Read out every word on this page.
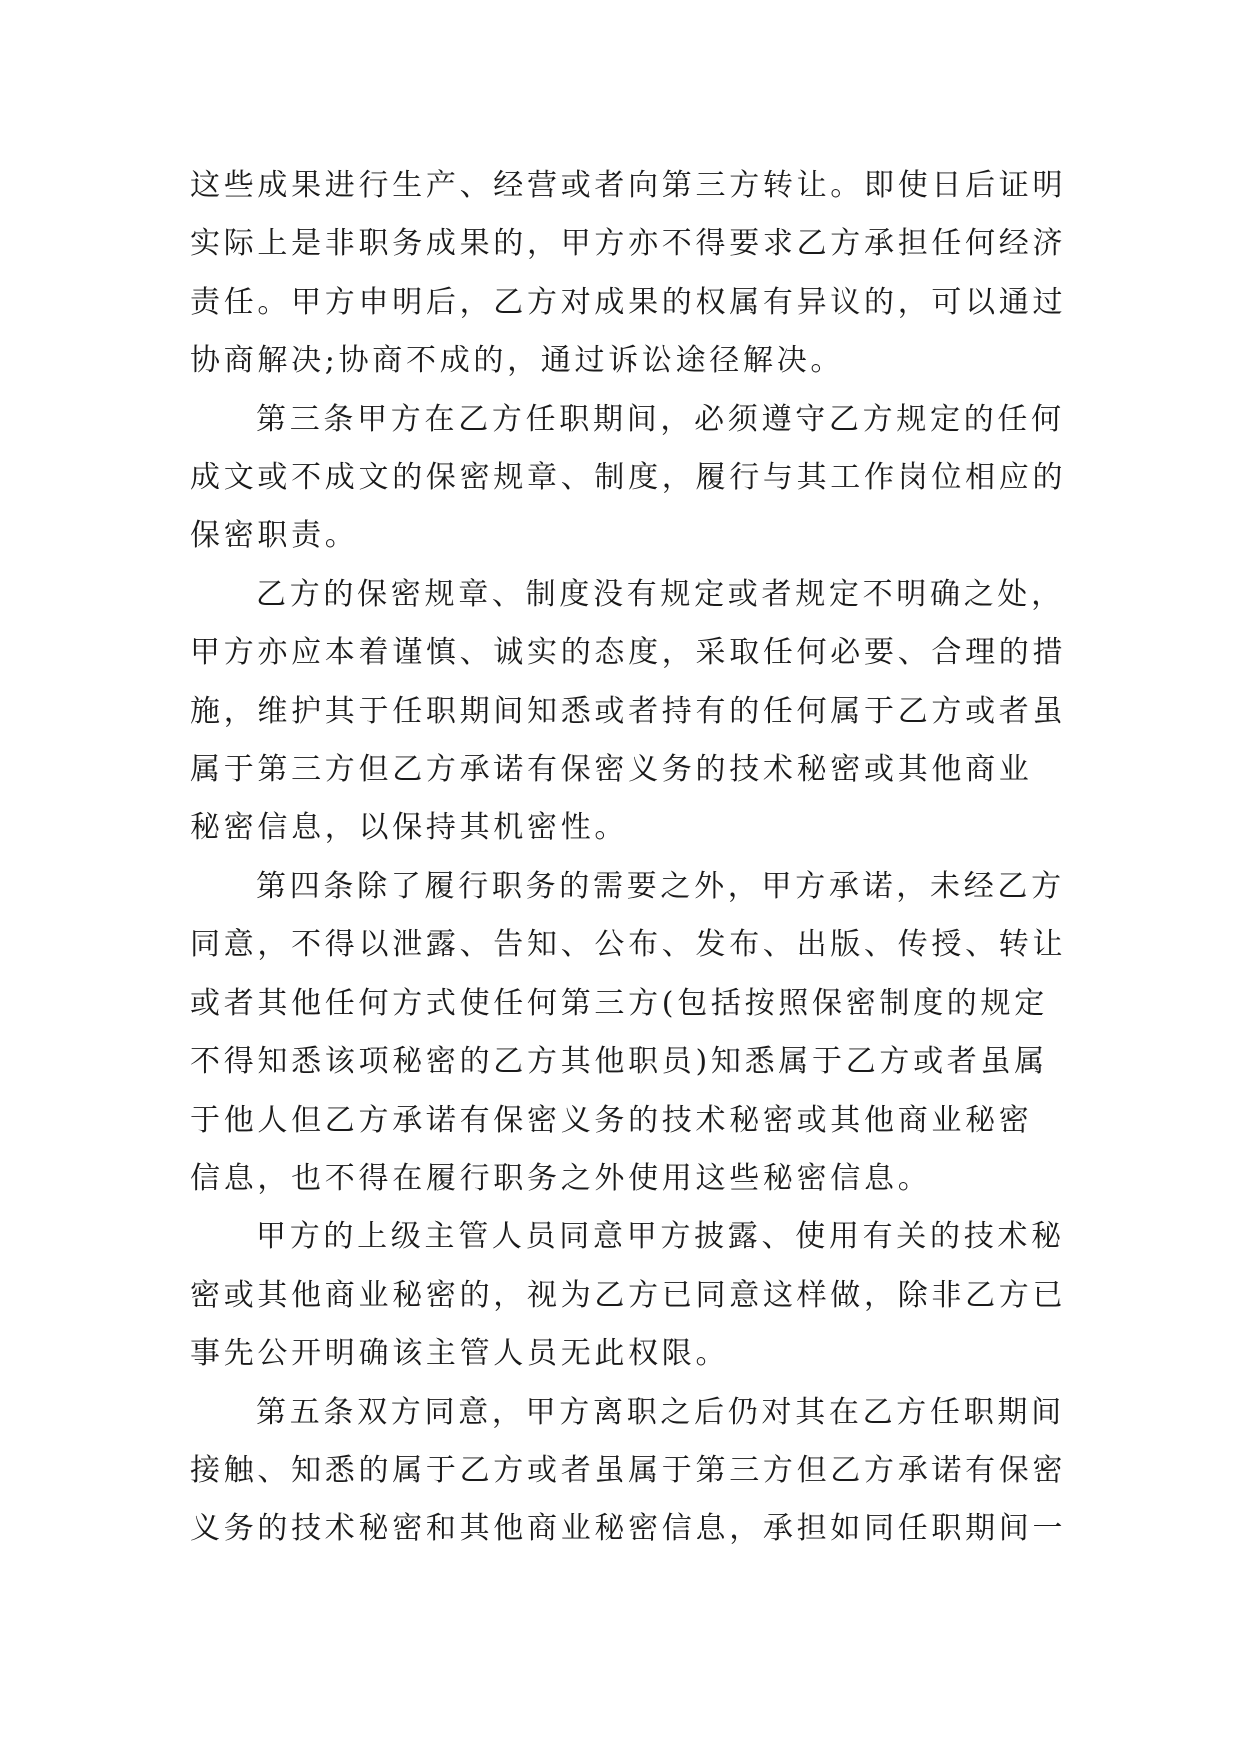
这些成果进行生产、经营或者向第三方转让。即使日后证明
实际上是非职务成果的，甲方亦不得要求乙方承担任何经济
责任。甲方申明后，乙方对成果的权属有异议的，可以通过
协商解决;协商不成的，通过诉讼途径解决。

第三条甲方在乙方任职期间，必须遵守乙方规定的任何
成文或不成文的保密规章、制度，履行与其工作岗位相应的
保密职责。

乙方的保密规章、制度没有规定或者规定不明确之处，
甲方亦应本着谨慎、诚实的态度，采取任何必要、合理的措
施，维护其于任职期间知悉或者持有的任何属于乙方或者虽
属于第三方但乙方承诺有保密义务的技术秘密或其他商业
秘密信息，以保持其机密性。

第四条除了履行职务的需要之外，甲方承诺，未经乙方
同意，不得以泄露、告知、公布、发布、出版、传授、转让
或者其他任何方式使任何第三方(包括按照保密制度的规定
不得知悉该项秘密的乙方其他职员)知悉属于乙方或者虽属
于他人但乙方承诺有保密义务的技术秘密或其他商业秘密
信息，也不得在履行职务之外使用这些秘密信息。

甲方的上级主管人员同意甲方披露、使用有关的技术秘
密或其他商业秘密的，视为乙方已同意这样做，除非乙方已
事先公开明确该主管人员无此权限。

第五条双方同意，甲方离职之后仍对其在乙方任职期间
接触、知悉的属于乙方或者虽属于第三方但乙方承诺有保密
义务的技术秘密和其他商业秘密信息，承担如同任职期间一
